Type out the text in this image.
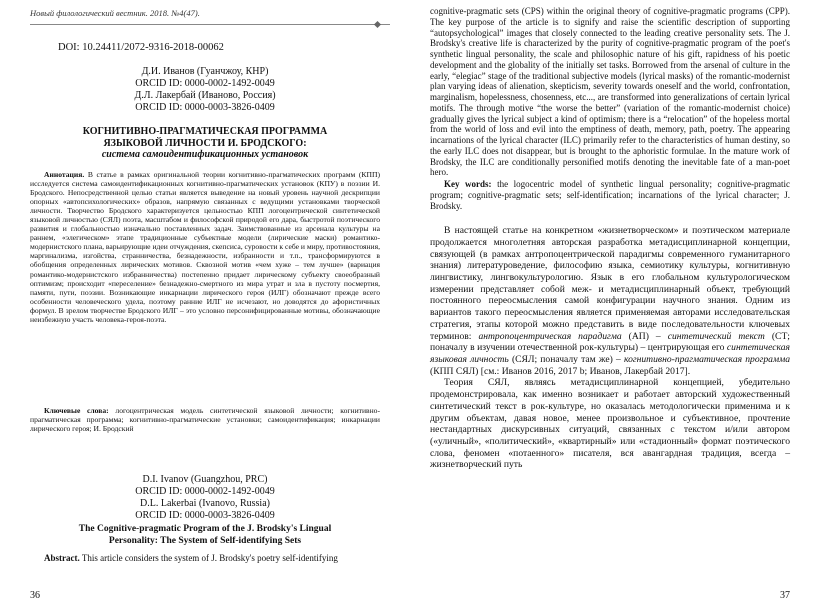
Новый филологический вестник. 2018. №4(47).
DOI: 10.24411/2072-9316-2018-00062
Д.И. Иванов (Гуанчжоу, КНР)
ORCID ID: 0000-0002-1492-0049
Д.Л. Лакербай (Иваново, Россия)
ORCID ID: 0000-0003-3826-0409
КОГНИТИВНО-ПРАГМАТИЧЕСКАЯ ПРОГРАММА
ЯЗЫКОВОЙ ЛИЧНОСТИ И. БРОДСКОГО:
система самоидентификационных установок
Аннотация. В статье в рамках оригинальной теории когнитивно-прагматических программ (КПП) исследуется система самоидентификационных когнитивно-прагматических установок (КПУ) в поэзии И. Бродского. Непосредственной целью статьи является выведение на новый уровень научной дескрипции опорных «автопсихологических» образов, напрямую связанных с ведущими установками творческой личности. Творчество Бродского характеризуется цельностью КПП логоцентрической синтетической языковой личностью (СЯЛ) поэта, масштабом и философской природой его дара, быстротой поэтического развития и глобальностью изначально поставленных задач. Заимствованные из арсенала культуры на раннем, «элегическом» этапе традиционные субъектные модели (лирические маски) романтико-модернистского плана, варьирующие идеи отчуждения, скепсиса, суровости к себе и миру, противостояния, маргинализма, изгойства, странничества, безнадежности, избранности и т.п., трансформируются в обобщения определенных лирических мотивов. Сквозной мотив «чем хуже – тем лучше» (вариация романтико-модернистского избранничества) постепенно придает лирическому субъекту своеобразный оптимизм; происходит «переселение» безнадежно-смертного из мира утрат и зла в пустоту посмертия, памяти, пути, поэзии. Возникающие инкарнации лирического героя (ИЛГ) обозначают прежде всего особенности человеческого удела, поэтому ранние ИЛГ не исчезают, но доводятся до афористичных формул. В зрелом творчестве Бродского ИЛГ – это условно персонифицированные мотивы, обозначающие неизбежную участь человека-героя-поэта.
Ключевые слова: логоцентрическая модель синтетической языковой личности; когнитивно-прагматическая программа; когнитивно-прагматические установки; самоидентификация; инкарнации лирического героя; И. Бродский
D.I. Ivanov (Guangzhou, PRC)
ORCID ID: 0000-0002-1492-0049
D.L. Lakerbai (Ivanovo, Russia)
ORCID ID: 0000-0003-3826-0409
The Cognitive-pragmatic Program of the J. Brodsky's Lingual
Personality: The System of Self-identifying Sets
Abstract. This article considers the system of J. Brodsky's poetry self-identifying
36

cognitive-pragmatic sets (CPS) within the original theory of cognitive-pragmatic programs (CPP). The key purpose of the article is to signify and raise the scientific description of supporting “autopsychological” images that closely connected to the leading creative personality sets. The J. Brodsky's creative life is characterized by the purity of cognitive-pragmatic program of the poet's synthetic lingual personality, the scale and philosophic nature of his gift, rapidness of his poetic development and the globality of the initially set tasks. Borrowed from the arsenal of culture in the early, “elegiac” stage of the traditional subjective models (lyrical masks) of the romantic-modernist plan varying ideas of alienation, skepticism, severity towards oneself and the world, confrontation, marginalism, hopelessness, chosenness, etc..., are transformed into generalizations of certain lyrical motifs. The through motive “the worse the better” (variation of the romantic-modernist choice) gradually gives the lyrical subject a kind of optimism; there is a “relocation” of the hopeless mortal from the world of loss and evil into the emptiness of death, memory, path, poetry. The appearing incarnations of the lyrical character (ILC) primarily refer to the characteristics of human destiny, so the early ILC does not disappear, but is brought to the aphoristic formulae. In the mature work of Brodsky, the ILC are conditionally personified motifs denoting the inevitable fate of a man-poet hero.

Key words: the logocentric model of synthetic lingual personality; cognitive-pragmatic program; cognitive-pragmatic sets; self-identification; incarnations of the lyrical character; J. Brodsky.

В настоящей статье на конкретном «жизнетворческом» и поэтическом материале продолжается многолетняя авторская разработка метадисциплинарной концепции, связующей (в рамках антропоцентрической парадигмы современного гуманитарного знания) литературоведение, философию языка, семиотику культуры, когнитивную лингвистику, лингвокультурологию. Язык в его глобальном культурологическом измерении представляет собой меж- и метадисциплинарный объект, требующий постоянного переосмысления самой конфигурации научного знания. Одним из вариантов такого переосмысления является применяемая авторами исследовательская стратегия, этапы которой можно представить в виде последовательности ключевых терминов: антропоцентрическая парадигма (АП) – синтетический текст (СТ; поначалу в изучении отечественной рок-культуры) – центрирующая его синтетическая языковая личность (СЯЛ; поначалу там же) – когнитивно-прагматическая программа (КПП СЯЛ) [см.: Иванов 2016, 2017 b; Иванов, Лакербай 2017].

Теория СЯЛ, являясь метадисциплинарной концепцией, убедительно продемонстрировала, как именно возникает и работает авторский художественный синтетический текст в рок-культуре, но оказалась методологически применима и к другим объектам, давая новое, менее произвольное и субъективное, прочтение нестандартных дискурсивных ситуаций, связанных с текстом и/или автором («уличный», «политический», «квартирный» или «стадионный» формат поэтического слова, феномен «потаенного» писателя, вся авангардная традиция, всегда – жизнетворческий путь

37
